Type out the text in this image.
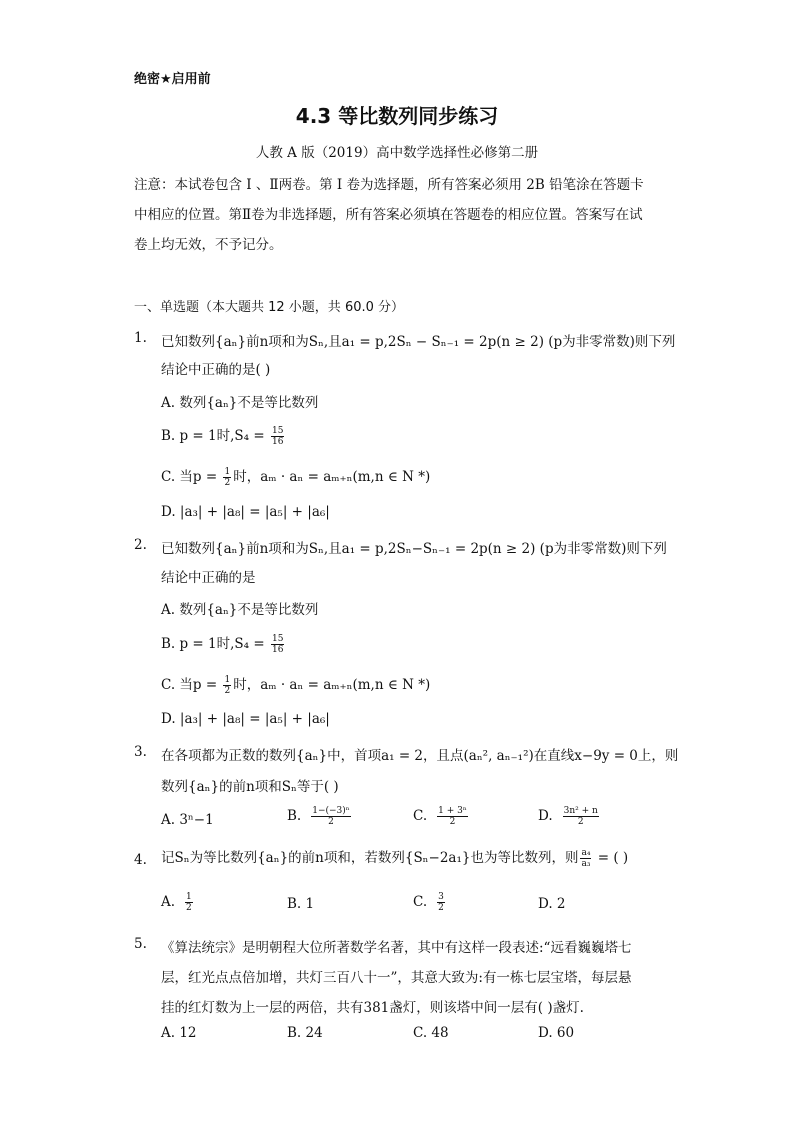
绝密★启用前
4.3 等比数列同步练习
人教 A 版（2019）高中数学选择性必修第二册
注意：本试卷包含 Ⅰ 、Ⅱ两卷。第 Ⅰ 卷为选择题，所有答案必须用 2B 铅笔涂在答题卡
中相应的位置。第Ⅱ卷为非选择题，所有答案必须填在答题卷的相应位置。答案写在试
卷上均无效，不予记分。
一、单选题（本大题共 12 小题，共 60.0 分）
1. 已知数列{aₙ}前n项和为Sₙ,且a₁ = p,2Sₙ − Sₙ₋₁ = 2p(n ≥ 2) (p为非零常数)则下列
结论中正确的是( )
A. 数列{aₙ}不是等比数列
B. p = 1时$,S_4 = \frac{15}{16}$
C. 当$p = \frac{1}{2}$ 时，aₘ · aₙ = aₘ₊ₙ(m,n ∈ N *)
D. |a₃| + |a₈| = |a₅| + |a₆|
2. 已知数列{aₙ}前n项和为Sₙ,且a₁ = p,2Sₙ−Sₙ₋₁ = 2p(n ≥ 2) (p为非零常数)则下列
结论中正确的是
A. 数列{aₙ}不是等比数列
B. p = 1时$,S_4 = \frac{15}{16}$
C. 当$p = \frac{1}{2}$ 时，aₘ · aₙ = aₘ₊ₙ(m,n ∈ N *)
D. |a₃| + |a₈| = |a₅| + |a₆|
3. 在各项都为正数的数列{aₙ}中，首项a₁ = 2，且点(aₙ², aₙ₋₁²)在直线x−9y = 0上，则
数列{aₙ}的前n项和Sₙ等于( )
A. 3ⁿ−1	B. $\frac{\text{1−(−3)ⁿ}}{2}$	C. $\frac{\text{1 + 3ⁿ}}{2}$	D. $\frac{\text{3n² + n}}{2}$
4. 记Sₙ为等比数列{aₙ}的前n项和，若数列{Sₙ−2a₁}也为等比数列，则 $\frac{\text{a₄}}{\text{a₃}}$ = ( )
A. $\frac{1}{2}$	B. 1	C. $\frac{3}{2}$	D. 2
5. 《算法统宗》是明朝程大位所著数学名著，其中有这样一段表述:“远看巍巍塔七
层，红光点点倍加增，共灯三百八十一”，其意大致为:有一栋七层宝塔，每层悬
挂的红灯数为上一层的两倍，共有381盏灯，则该塔中间一层有( )盏灯.
A. 12	B. 24	C. 48	D. 60
